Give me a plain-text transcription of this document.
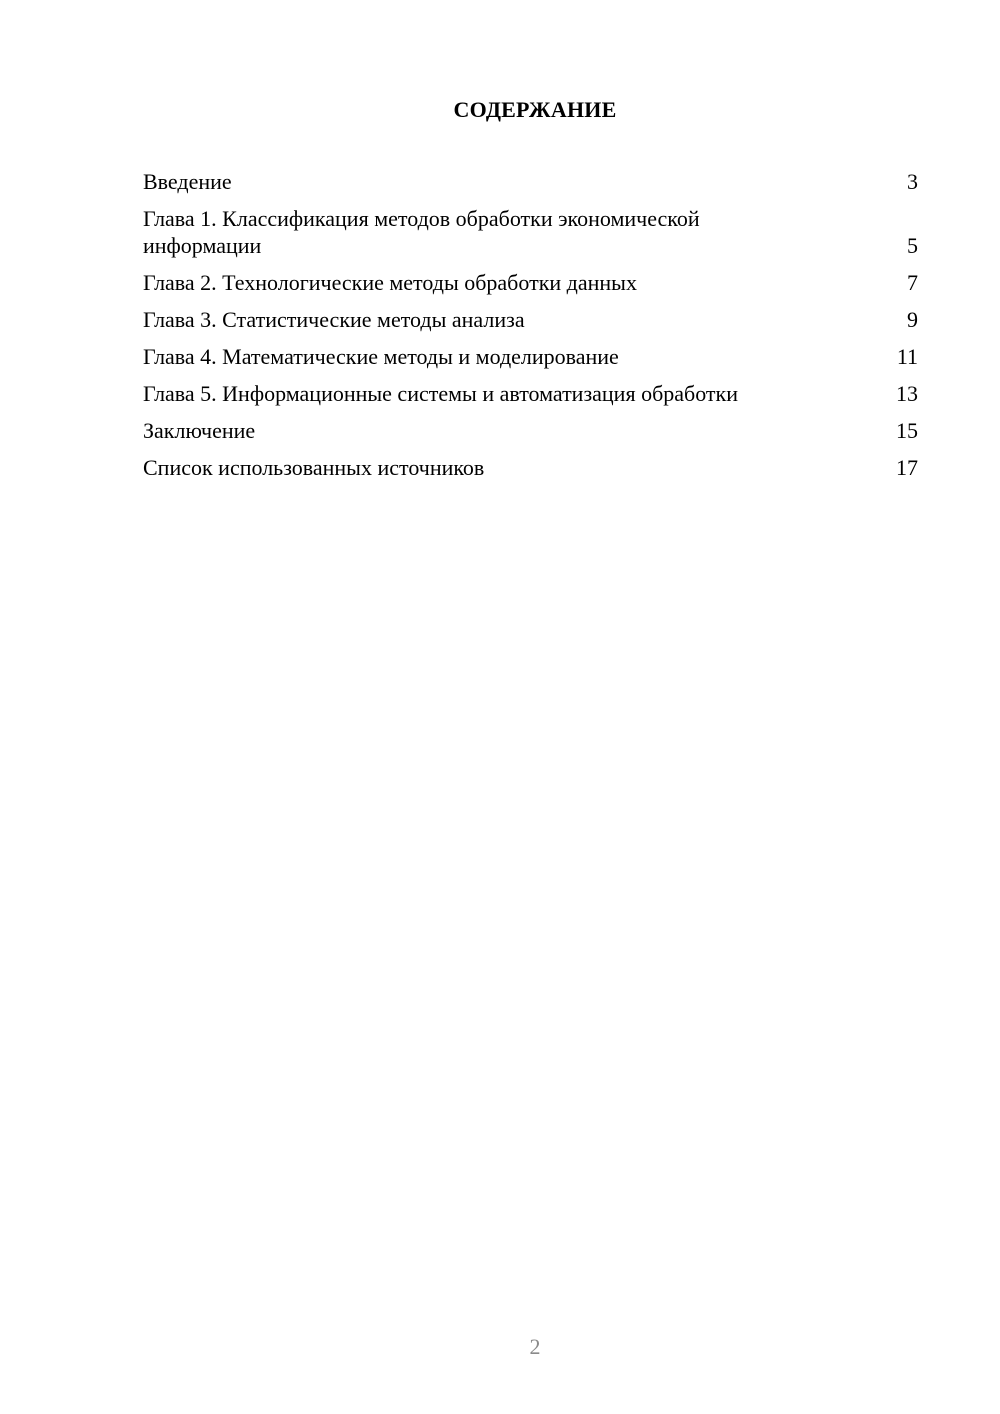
СОДЕРЖАНИЕ
Введение	3
Глава 1. Классификация методов обработки экономической информации	5
Глава 2. Технологические методы обработки данных	7
Глава 3. Статистические методы анализа	9
Глава 4. Математические методы и моделирование	11
Глава 5. Информационные системы и автоматизация обработки	13
Заключение	15
Список использованных источников	17
2
